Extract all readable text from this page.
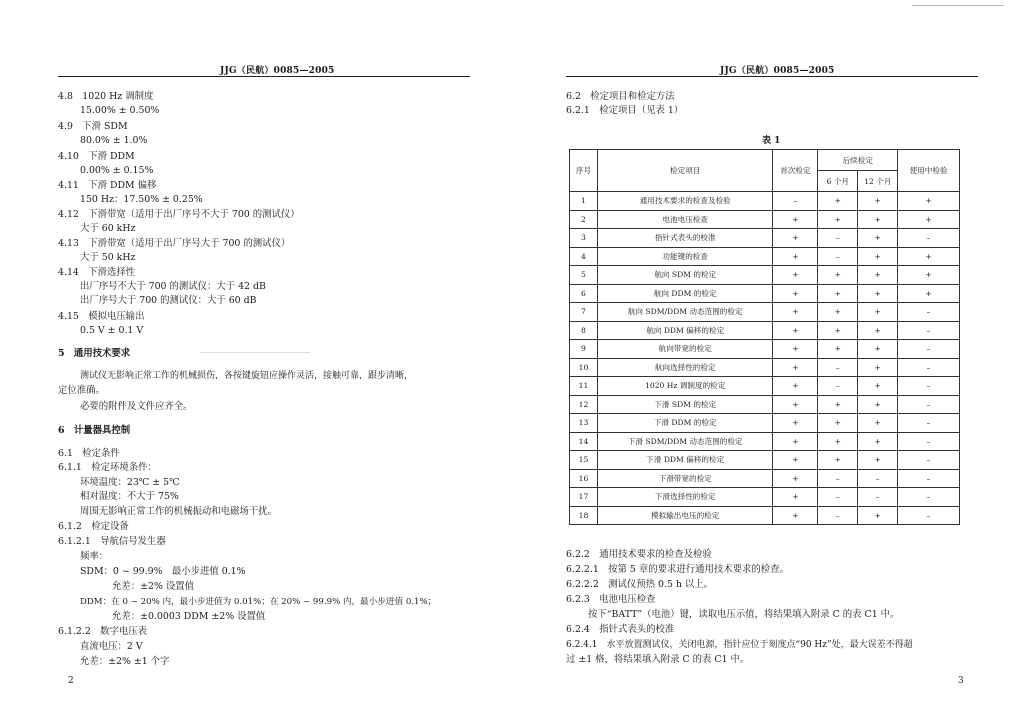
JJG（民航）0085—2005
4.8　1020 Hz 调制度
15.00% ± 0.50%
4.9　下滑 SDM
80.0% ± 1.0%
4.10　下滑 DDM
0.00% ± 0.15%
4.11　下滑 DDM 偏移
150 Hz：17.50% ± 0.25%
4.12　下滑带宽（适用于出厂序号不大于 700 的测试仪）
大于 60 kHz
4.13　下滑带宽（适用于出厂序号大于 700 的测试仪）
大于 50 kHz
4.14　下滑选择性
出厂序号不大于 700 的测试仪：大于 42 dB
出厂序号大于 700 的测试仪：大于 60 dB
4.15　模拟电压输出
0.5 V ± 0.1 V
5　通用技术要求
测试仪无影响正常工作的机械损伤，各按键旋钮应操作灵活，接触可靠，跟步清晰，
定位准确。
必要的附件及文件应齐全。
6　计量器具控制
6.1　检定条件
6.1.1　检定环境条件：
环境温度：23℃ ± 5℃
相对湿度：不大于 75%
周围无影响正常工作的机械振动和电磁场干扰。
6.1.2　检定设备
6.1.2.1　导航信号发生器
频率：
SDM：0 ~ 99.9%　最小步进值 0.1%
允差：±2% 设置值
DDM：在 0 ~ 20% 内，最小步进值为 0.01%；在 20% ~ 99.9% 内，最小步进值 0.1%；
允差：±0.0003 DDM ±2% 设置值
6.1.2.2　数字电压表
直流电压：2 V
允差：±2% ±1 个字
2
JJG（民航）0085—2005
6.2　检定项目和检定方法
6.2.1　检定项目（见表 1）
6.2.2　通用技术要求的检查及检验
6.2.2.1　按第 5 章的要求进行通用技术要求的检查。
6.2.2.2　测试仪预热 0.5 h 以上。
6.2.3　电池电压检查
按下“BATT”（电池）键，读取电压示值，将结果填入附录 C 的表 C1 中。
6.2.4　指针式表头的校准
6.2.4.1　水平放置测试仪，关闭电源，指针应位于刻度点“90 Hz”处，最大误差不得超
过 ±1 格，将结果填入附录 C 的表 C1 中。
3
表 1
序号	检定项目	首次检定	后续检定		使用中检验
			6 个月	12 个月	
1	通用技术要求的检查及检验	–	+	+	+
2	电池电压检查	+	+	+	+
3	指针式表头的校准	+	–	+	–
4	功能键的检查	+	–	+	+
5	航向 SDM 的检定	+	+	+	+
6	航向 DDM 的检定	+	+	+	+
7	航向 SDM/DDM 动态范围的检定	+	+	+	–
8	航向 DDM 偏移的检定	+	+	+	–
9	航向带宽的检定	+	+	+	–
10	航向选择性的检定	+	–	+	–
11	1020 Hz 调制度的检定	+	–	+	–
12	下滑 SDM 的检定	+	+	+	–
13	下滑 DDM 的检定	+	+	+	–
14	下滑 SDM/DDM 动态范围的检定	+	+	+	–
15	下滑 DDM 偏移的检定	+	+	+	–
16	下滑带宽的检定	+	–	–	–
17	下滑选择性的检定	+	–	–	–
18	模拟输出电压的检定	+	–	+	–
